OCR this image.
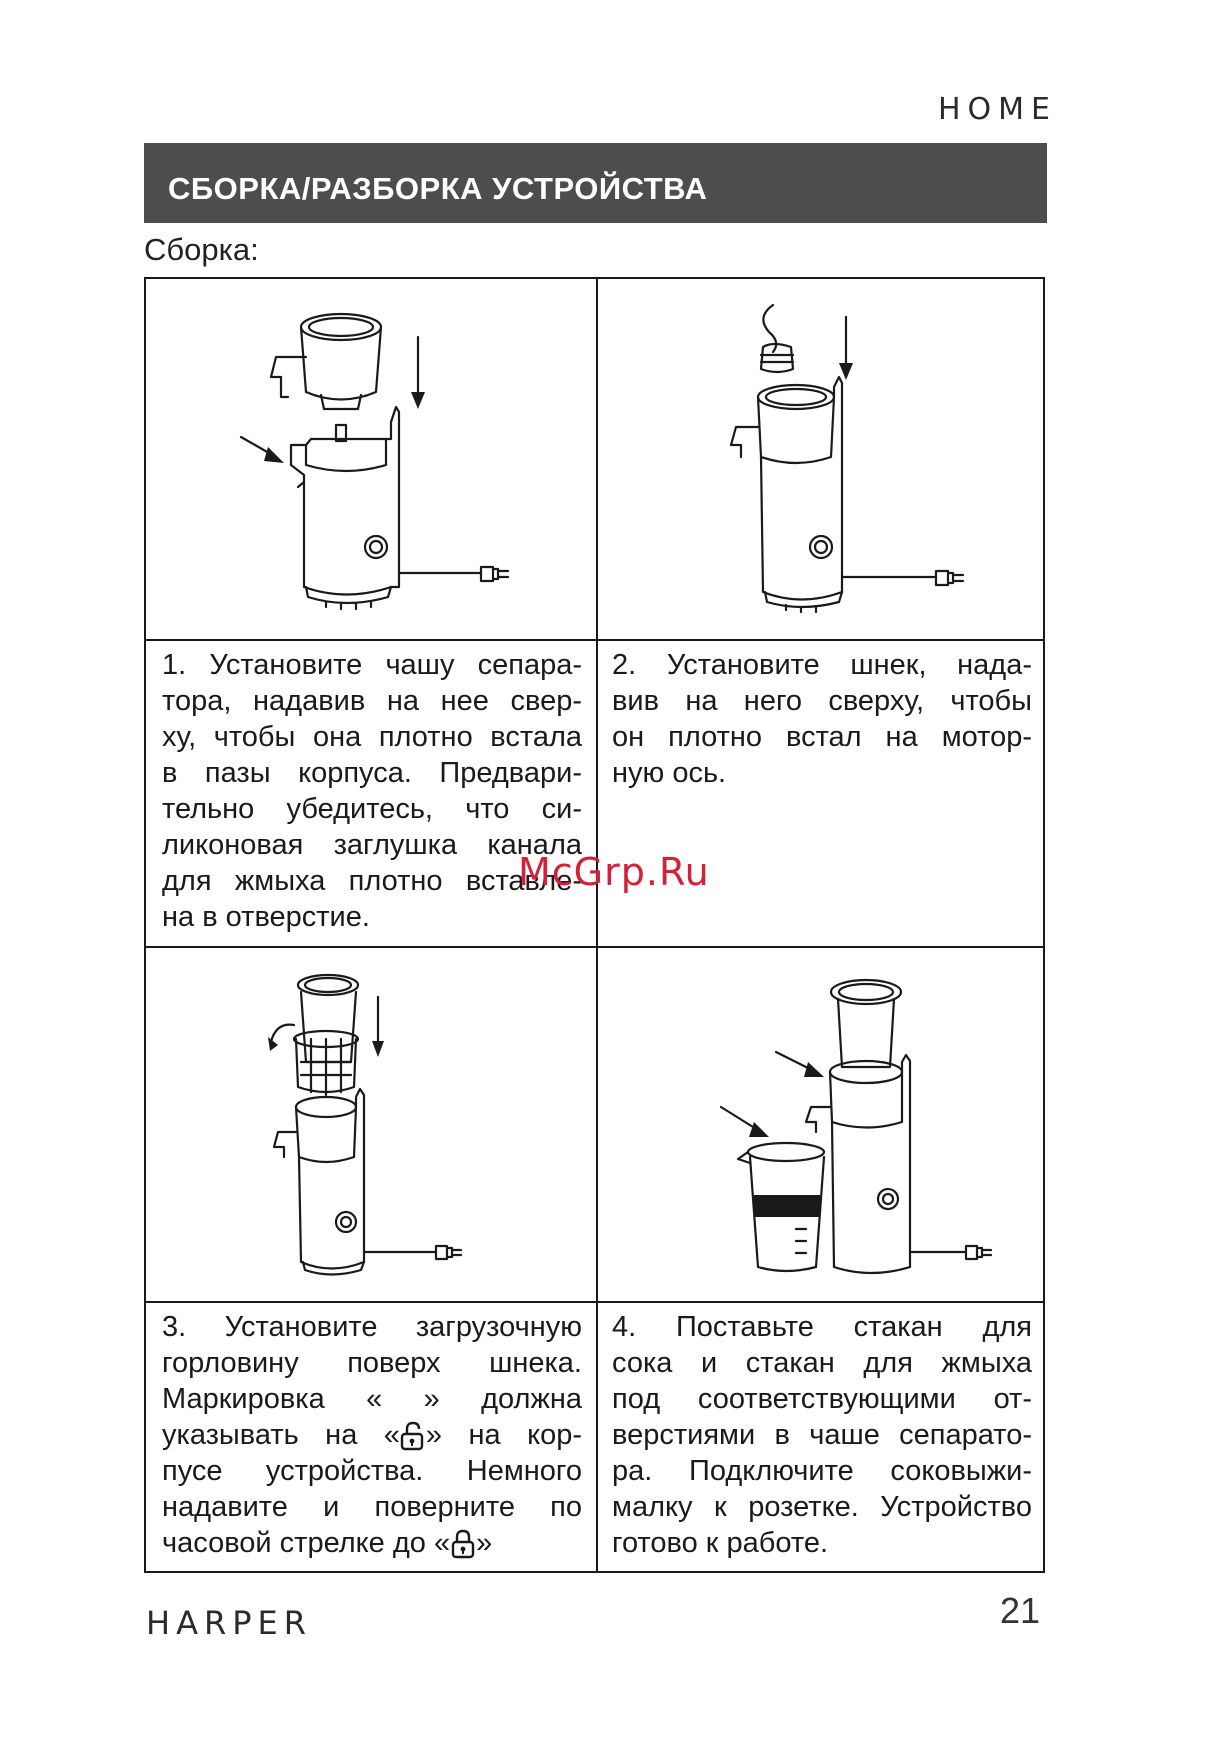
HOME
СБОРКА/РАЗБОРКА УСТРОЙСТВА
Сборка:
1. Установите чашу сепара-
тора, надавив на нее свер-
ху, чтобы она плотно встала
в пазы корпуса. Предвари-
тельно убедитесь, что си-
ликоновая заглушка канала
для жмыха плотно вставле-
на в отверстие.
2. Установите шнек, нада-
вив на него сверху, чтобы
он плотно встал на мотор-
ную ось.
3. Установите загрузочную
горловину поверх шнека.
Маркировка « » должна
указывать на « » на кор-
пусе устройства. Немного
надавите и поверните по
часовой стрелке до « »
4. Поставьте стакан для
сока и стакан для жмыха
под соответствующими от-
верстиями в чаше сепарато-
ра. Подключите соковыжи-
малку к розетке. Устройство
готово к работе.
McGrp.Ru
HARPER	21
